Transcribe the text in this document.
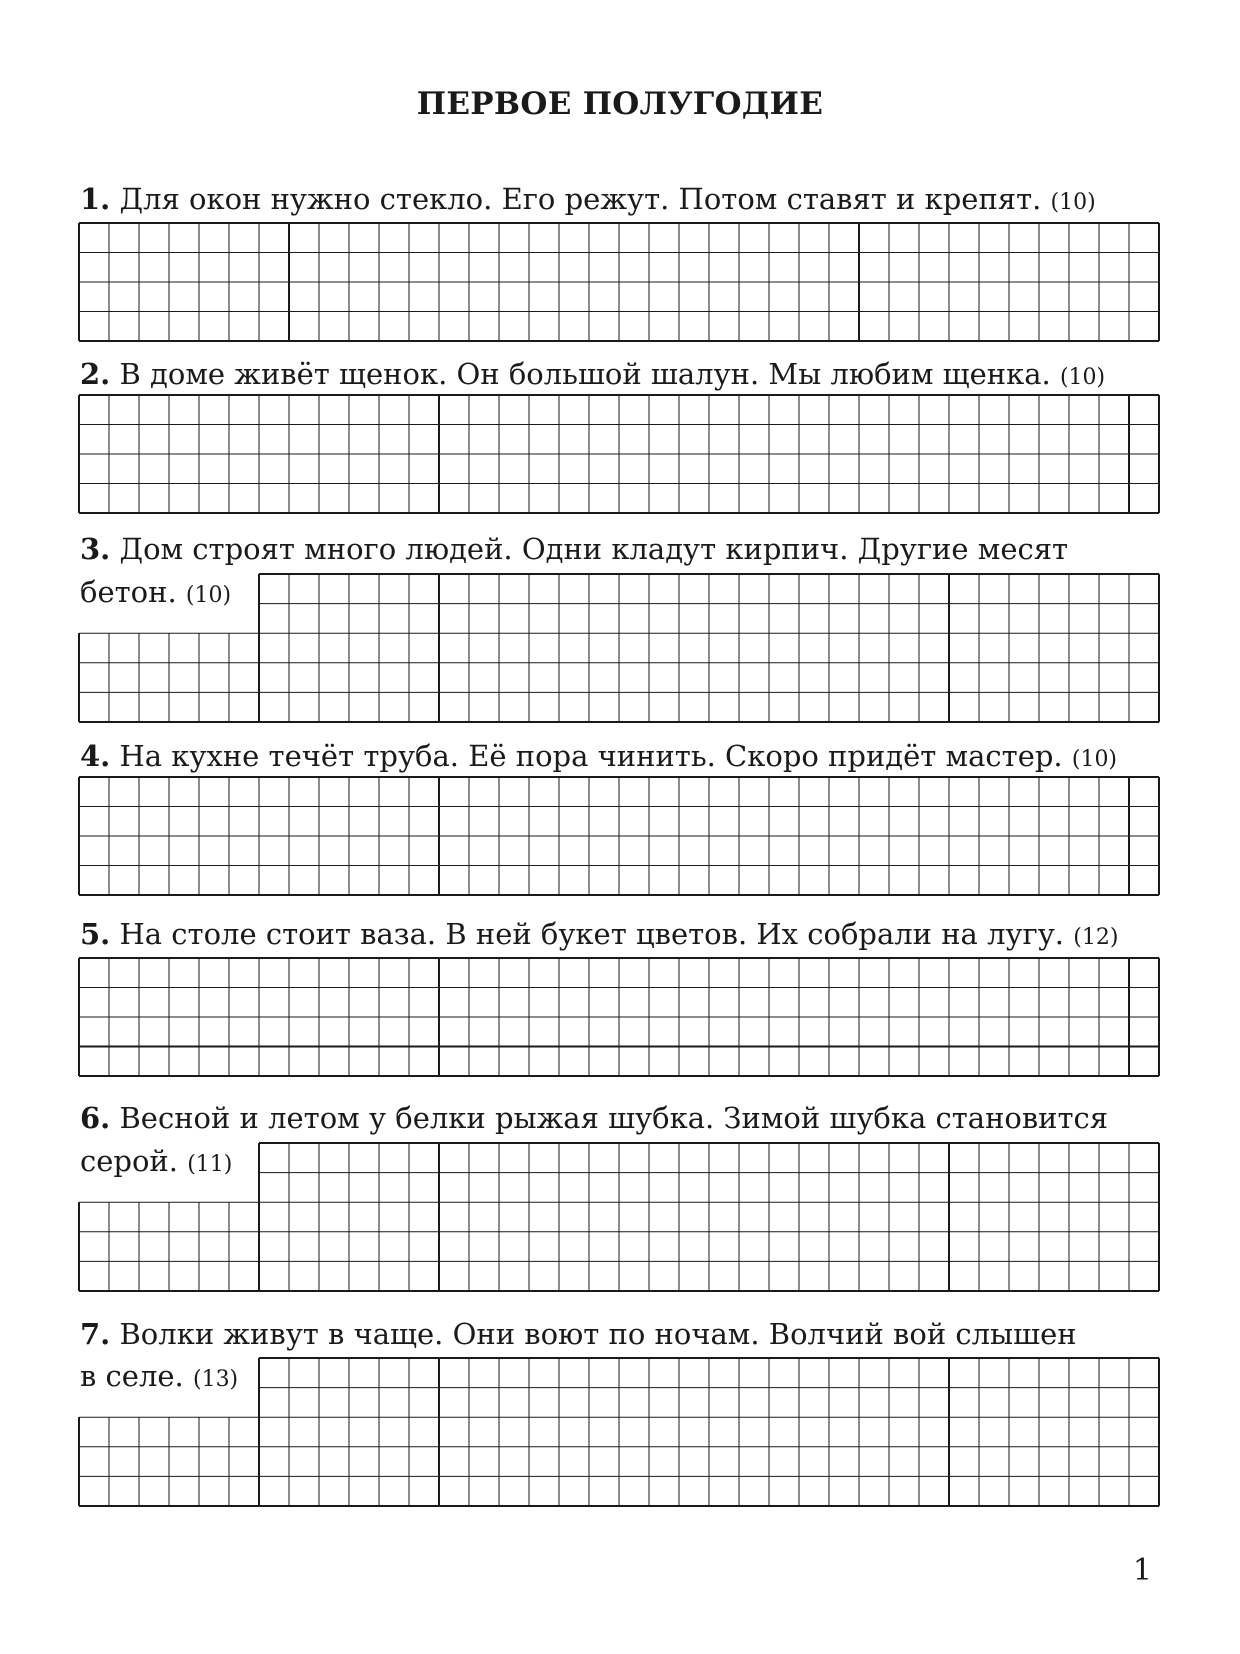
ПЕРВОЕ ПОЛУГОДИЕ
1. Для окон нужно стекло. Его режут. Потом ставят и крепят. (10)
2. В доме живёт щенок. Он большой шалун. Мы любим щенка. (10)
3. Дом строят много людей. Одни кладут кирпич. Другие месят
бетон. (10)
4. На кухне течёт труба. Её пора чинить. Скоро придёт мастер. (10)
5. На столе стоит ваза. В ней букет цветов. Их собрали на лугу. (12)
6. Весной и летом у белки рыжая шубка. Зимой шубка становится
серой. (11)
7. Волки живут в чаще. Они воют по ночам. Волчий вой слышен
в селе. (13)
1
